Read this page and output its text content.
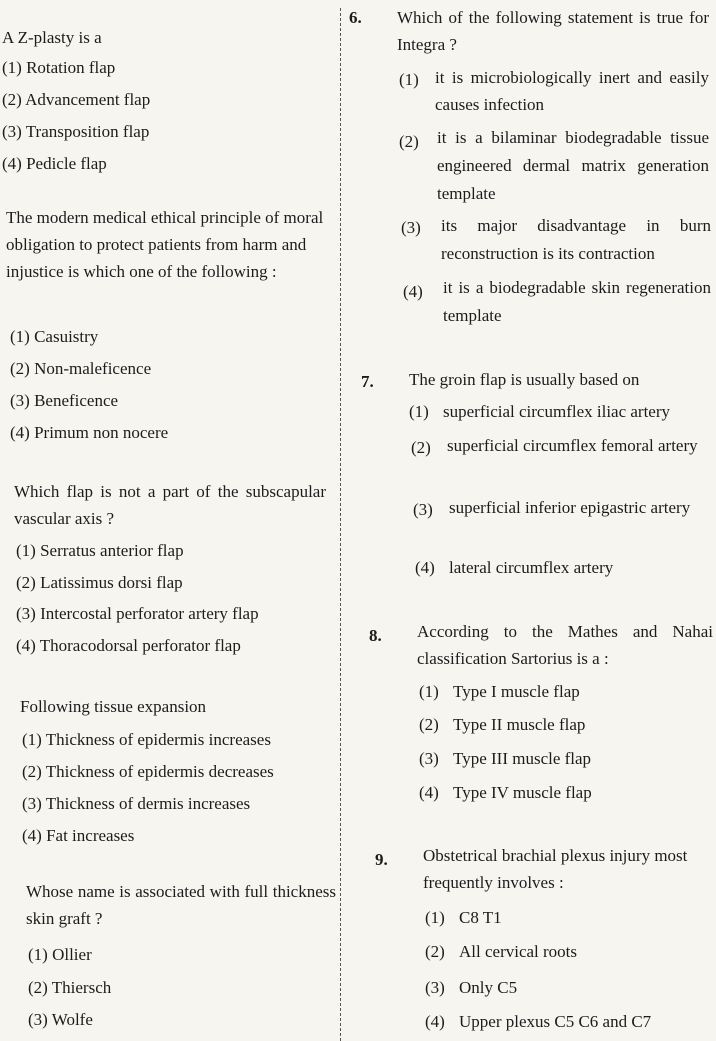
A Z-plasty is a
(1) Rotation flap
(2) Advancement flap
(3) Transposition flap
(4) Pedicle flap
The modern medical ethical principle of moral obligation to protect patients from harm and injustice is which one of the following :
(1) Casuistry
(2) Non-maleficence
(3) Beneficence
(4) Primum non nocere
Which flap is not a part of the subscapular vascular axis ?
(1) Serratus anterior flap
(2) Latissimus dorsi flap
(3) Intercostal perforator artery flap
(4) Thoracodorsal perforator flap
Following tissue expansion
(1) Thickness of epidermis increases
(2) Thickness of epidermis decreases
(3) Thickness of dermis increases
(4) Fat increases
Whose name is associated with full thickness skin graft ?
(1) Ollier
(2) Thiersch
(3) Wolfe
6. Which of the following statement is true for Integra ?
(1) it is microbiologically inert and easily causes infection
(2)	it is a bilaminar biodegradable tissue engineered dermal matrix generation template
(3)	its major disadvantage in burn reconstruction is its contraction
(4)	it is a biodegradable skin regeneration template
7. The groin flap is usually based on
(1) superficial circumflex iliac artery
(2) superficial circumflex femoral artery
(3) superficial inferior epigastric artery
(4) lateral circumflex artery
8. According to the Mathes and Nahai classification Sartorius is a :
(1) Type I muscle flap
(2) Type II muscle flap
(3) Type III muscle flap
(4) Type IV muscle flap
9. Obstetrical brachial plexus injury most frequently involves :
(1) C8 T1
(2) All cervical roots
(3) Only C5
(4) Upper plexus C5 C6 and C7
